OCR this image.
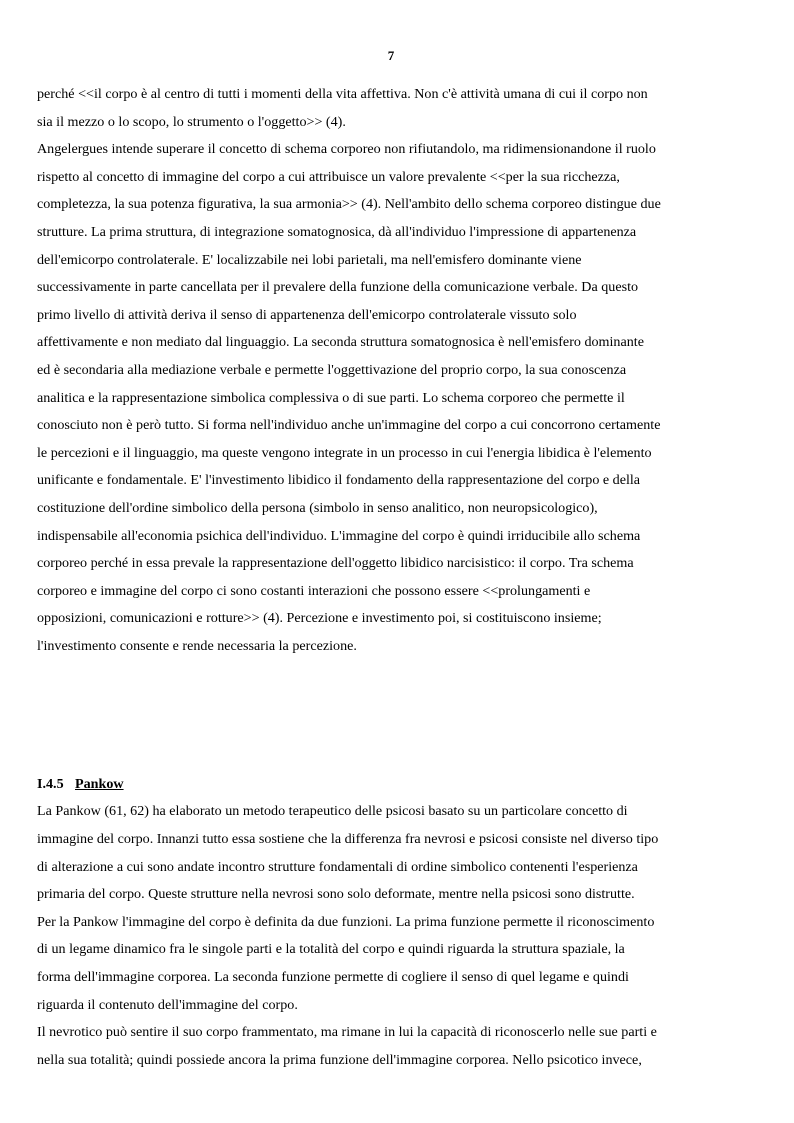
7
perché <<il corpo è al centro di tutti i momenti della vita affettiva. Non c'è attività umana di cui il corpo non
sia il mezzo o lo scopo, lo strumento o l'oggetto>> (4).
Angelergues intende superare il concetto di schema corporeo non rifiutandolo, ma ridimensionandone il ruolo
rispetto al concetto di immagine del corpo a cui attribuisce un valore prevalente <<per la sua ricchezza,
completezza, la sua potenza figurativa, la sua armonia>> (4). Nell'ambito dello schema corporeo distingue due
strutture. La prima struttura, di integrazione somatognosica, dà all'individuo l'impressione di appartenenza
dell'emicorpo controlaterale. E' localizzabile nei lobi parietali, ma nell'emisfero dominante viene
successivamente in parte cancellata per il prevalere della funzione della comunicazione verbale. Da questo
primo livello di attività deriva il senso di appartenenza dell'emicorpo controlaterale vissuto solo
affettivamente e non mediato dal linguaggio. La seconda struttura somatognosica è nell'emisfero dominante
ed è secondaria alla mediazione verbale e permette l'oggettivazione del proprio corpo, la sua conoscenza
analitica e la rappresentazione simbolica complessiva o di sue parti. Lo schema corporeo che permette il
conosciuto non è però tutto. Si forma nell'individuo anche un'immagine del corpo a cui concorrono certamente
le percezioni e il linguaggio, ma queste vengono integrate in un processo in cui l'energia libidica è l'elemento
unificante e fondamentale. E' l'investimento libidico il fondamento della rappresentazione del corpo e della
costituzione dell'ordine simbolico della persona (simbolo in senso analitico, non neuropsicologico),
indispensabile all'economia psichica dell'individuo. L'immagine del corpo è quindi irriducibile allo schema
corporeo perché in essa prevale la rappresentazione dell'oggetto libidico narcisistico: il corpo. Tra schema
corporeo e immagine del corpo ci sono costanti interazioni che possono essere <<prolungamenti e
opposizioni, comunicazioni e rotture>> (4). Percezione e investimento poi, si costituiscono insieme;
l'investimento consente e rende necessaria la percezione.
I.4.5 Pankow
La Pankow (61, 62) ha elaborato un metodo terapeutico delle psicosi basato su un particolare concetto di
immagine del corpo. Innanzi tutto essa sostiene che la differenza fra nevrosi e psicosi consiste nel diverso tipo
di alterazione a cui sono andate incontro strutture fondamentali di ordine simbolico contenenti l'esperienza
primaria del corpo. Queste strutture nella nevrosi sono solo deformate, mentre nella psicosi sono distrutte.
Per la Pankow l'immagine del corpo è definita da due funzioni. La prima funzione permette il riconoscimento
di un legame dinamico fra le singole parti e la totalità del corpo e quindi riguarda la struttura spaziale, la
forma dell'immagine corporea. La seconda funzione permette di cogliere il senso di quel legame e quindi
riguarda il contenuto dell'immagine del corpo.
Il nevrotico può sentire il suo corpo frammentato, ma rimane in lui la capacità di riconoscerlo nelle sue parti e
nella sua totalità; quindi possiede ancora la prima funzione dell'immagine corporea. Nello psicotico invece,
